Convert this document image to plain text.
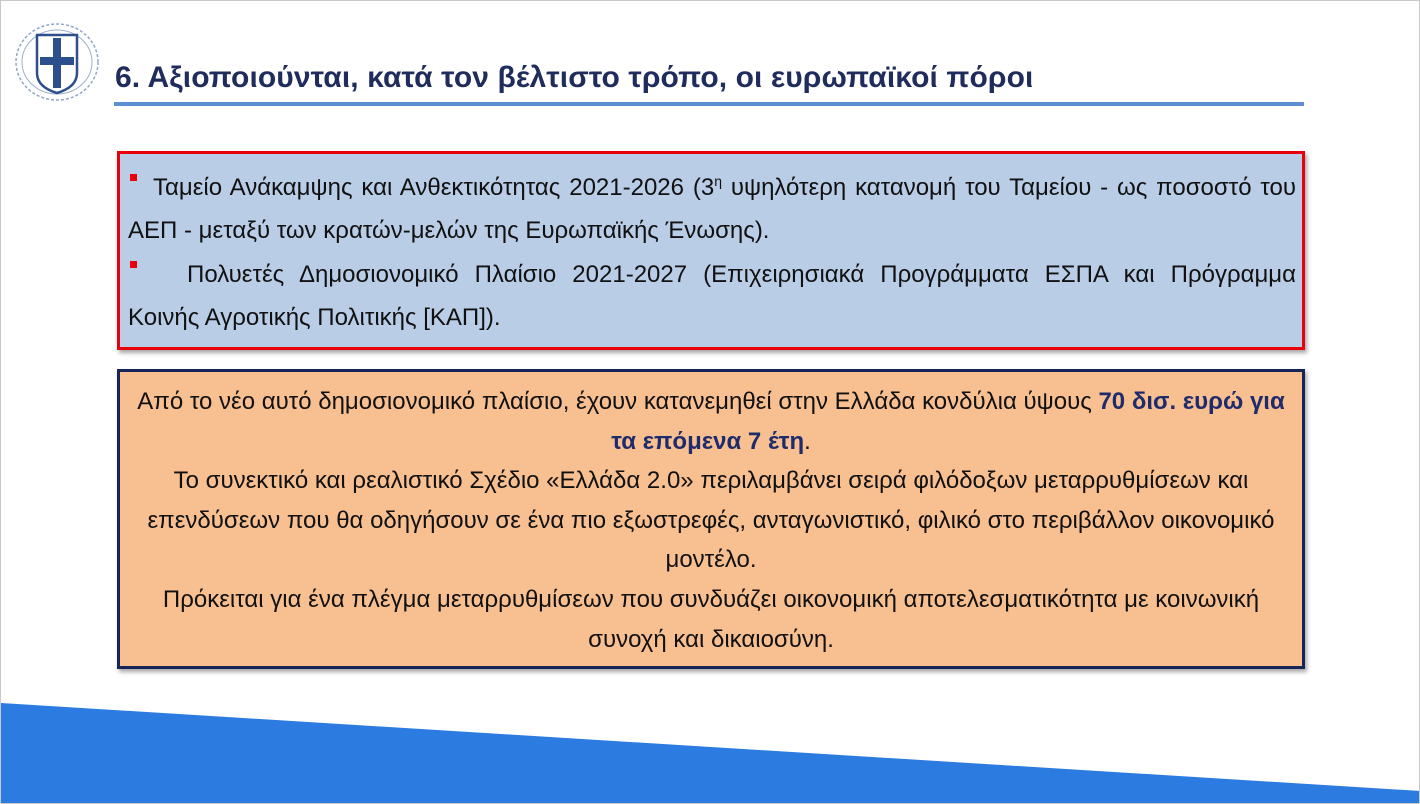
6. Αξιοποιούνται, κατά τον βέλτιστο τρόπο, οι ευρωπαϊκοί πόροι
Ταμείο Ανάκαμψης και Ανθεκτικότητας 2021-2026 ($3^\eta$ υψηλότερη κατανομή του Ταμείου - ως ποσοστό του ΑΕΠ - μεταξύ των κρατών-μελών της Ευρωπαϊκής Ένωσης).
Πολυετές Δημοσιονομικό Πλαίσιο 2021-2027 (Επιχειρησιακά Προγράμματα ΕΣΠΑ και Πρόγραμμα Κοινής Αγροτικής Πολιτικής [ΚΑΠ]).
Από το νέο αυτό δημοσιονομικό πλαίσιο, έχουν κατανεμηθεί στην Ελλάδα κονδύλια ύψους 70 δισ. ευρώ για τα επόμενα 7 έτη.
Το συνεκτικό και ρεαλιστικό Σχέδιο «Ελλάδα 2.0» περιλαμβάνει σειρά φιλόδοξων μεταρρυθμίσεων και επενδύσεων που θα οδηγήσουν σε ένα πιο εξωστρεφές, ανταγωνιστικό, φιλικό στο περιβάλλον οικονομικό μοντέλο.
Πρόκειται για ένα πλέγμα μεταρρυθμίσεων που συνδυάζει οικονομική αποτελεσματικότητα με κοινωνική συνοχή και δικαιοσύνη.
